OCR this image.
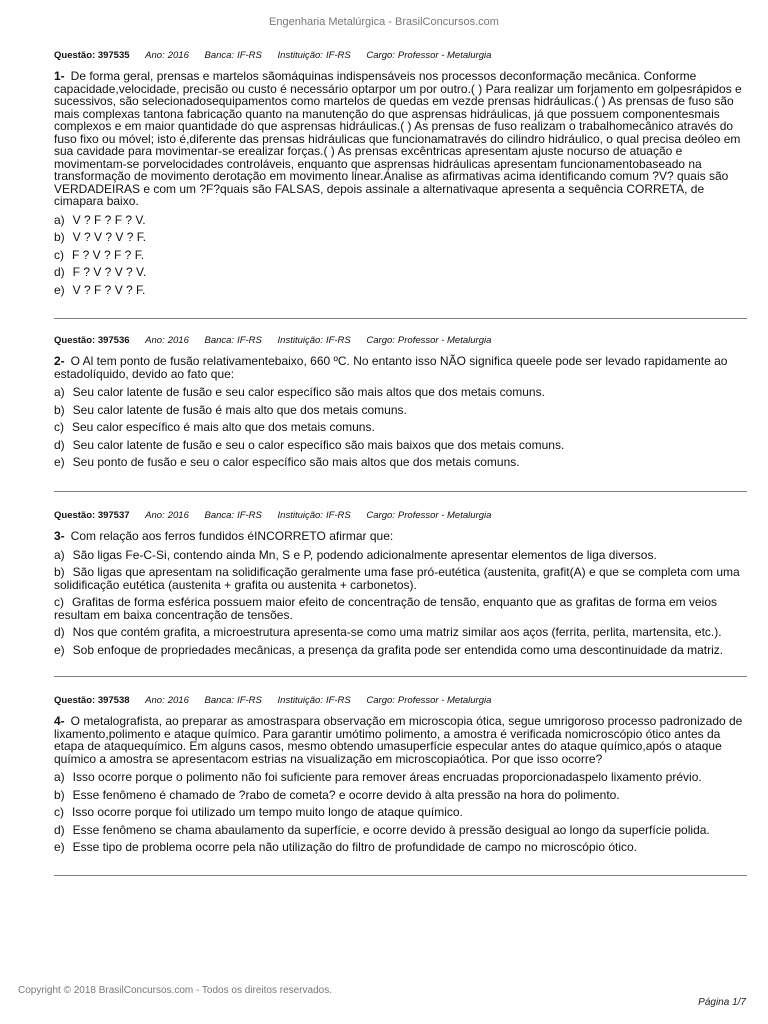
Engenharia Metalúrgica - BrasilConcursos.com
Questão: 397535 Ano: 2016 Banca: IF-RS Instituição: IF-RS Cargo: Professor - Metalurgia

1- De forma geral, prensas e martelos sãomáquinas indispensáveis nos processos deconformação mecânica. Conforme capacidade,velocidade, precisão ou custo é necessário optarpor um por outro.( ) Para realizar um forjamento em golpesrápidos e sucessivos, são selecionadosequipamentos como martelos de quedas em vezde prensas hidráulicas.( ) As prensas de fuso são mais complexas tantona fabricação quanto na manutenção do que asprensas hidráulicas, já que possuem componentesmais complexos e em maior quantidade do que asprensas hidráulicas.( ) As prensas de fuso realizam o trabalhomecânico através do fuso fixo ou móvel; isto é,diferente das prensas hidráulicas que funcionamatravés do cilindro hidráulico, o qual precisa deóleo em sua cavidade para movimentar-se erealizar forças.( ) As prensas excêntricas apresentam ajuste nocurso de atuação e movimentam-se porvelocidades controláveis, enquanto que asprensas hidráulicas apresentam funcionamentobaseado na transformação de movimento derotação em movimento linear.Analise as afirmativas acima identificando comum ?V? quais são VERDADEIRAS e com um ?F?quais são FALSAS, depois assinale a alternativaque apresenta a sequência CORRETA, de cimapara baixo.

a) V ? F ? F ? V.
b) V ? V ? V ? F.
c) F ? V ? F ? F.
d) F ? V ? V ? V.
e) V ? F ? V ? F.
Questão: 397536 Ano: 2016 Banca: IF-RS Instituição: IF-RS Cargo: Professor - Metalurgia

2- O Al tem ponto de fusão relativamentebaixo, 660 ºC. No entanto isso NÃO significa queele pode ser levado rapidamente ao estadolíquido, devido ao fato que:

a) Seu calor latente de fusão e seu calor específico são mais altos que dos metais comuns.
b) Seu calor latente de fusão é mais alto que dos metais comuns.
c) Seu calor específico é mais alto que dos metais comuns.
d) Seu calor latente de fusão e seu o calor específico são mais baixos que dos metais comuns.
e) Seu ponto de fusão e seu o calor específico são mais altos que dos metais comuns.
Questão: 397537 Ano: 2016 Banca: IF-RS Instituição: IF-RS Cargo: Professor - Metalurgia

3- Com relação aos ferros fundidos éINCORRETO afirmar que:

a) São ligas Fe-C-Si, contendo ainda Mn, S e P, podendo adicionalmente apresentar elementos de liga diversos.
b) São ligas que apresentam na solidificação geralmente uma fase pró-eutética (austenita, grafit(A) e que se completa com uma solidificação eutética (austenita + grafita ou austenita + carbonetos).
c) Grafitas de forma esférica possuem maior efeito de concentração de tensão, enquanto que as grafitas de forma em veios resultam em baixa concentração de tensões.
d) Nos que contém grafita, a microestrutura apresenta-se como uma matriz similar aos aços (ferrita, perlita, martensita, etc.).
e) Sob enfoque de propriedades mecânicas, a presença da grafita pode ser entendida como uma descontinuidade da matriz.
Questão: 397538 Ano: 2016 Banca: IF-RS Instituição: IF-RS Cargo: Professor - Metalurgia

4- O metalografista, ao preparar as amostraspara observação em microscopia ótica, segue umrigoroso processo padronizado de lixamento,polimento e ataque químico. Para garantir umótimo polimento, a amostra é verificada nomicroscópio ótico antes da etapa de ataquequímico. Em alguns casos, mesmo obtendo umasuperfície especular antes do ataque químico,após o ataque químico a amostra se apresentacom estrias na visualização em microscopiaótica. Por que isso ocorre?

a) Isso ocorre porque o polimento não foi suficiente para remover áreas encruadas proporcionadaspelo lixamento prévio.
b) Esse fenômeno é chamado de ?rabo de cometa? e ocorre devido à alta pressão na hora do polimento.
c) Isso ocorre porque foi utilizado um tempo muito longo de ataque químico.
d) Esse fenômeno se chama abaulamento da superfície, e ocorre devido à pressão desigual ao longo da superfície polida.
e) Esse tipo de problema ocorre pela não utilização do filtro de profundidade de campo no microscópio ótico.
Copyright © 2018 BrasilConcursos.com - Todos os direitos reservados.
Página 1/7
